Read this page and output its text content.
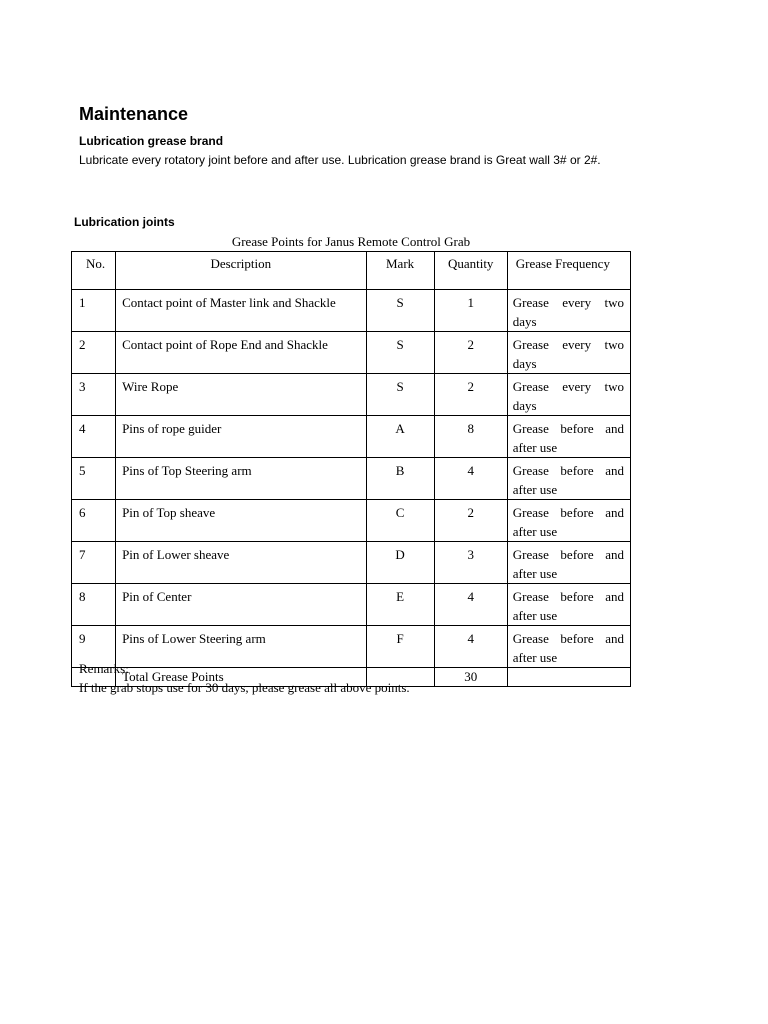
Maintenance
Lubrication grease brand
Lubricate every rotatory joint before and after use. Lubrication grease brand is Great wall 3# or 2#.
Lubrication joints
Grease Points for Janus Remote Control Grab
No.	Description	Mark	Quantity	Grease Frequency
1	Contact point of Master link and Shackle	S	1	Grease every two days
2	Contact point of Rope End and Shackle	S	2	Grease every two days
3	Wire Rope	S	2	Grease every two days
4	Pins of rope guider	A	8	Grease before and after use
5	Pins of Top Steering arm	B	4	Grease before and after use
6	Pin of Top sheave	C	2	Grease before and after use
7	Pin of Lower sheave	D	3	Grease before and after use
8	Pin of Center	E	4	Grease before and after use
9	Pins of Lower Steering arm	F	4	Grease before and after use
	Total Grease Points		30	
Remarks:
If the grab stops use for 30 days, please grease all above points.
